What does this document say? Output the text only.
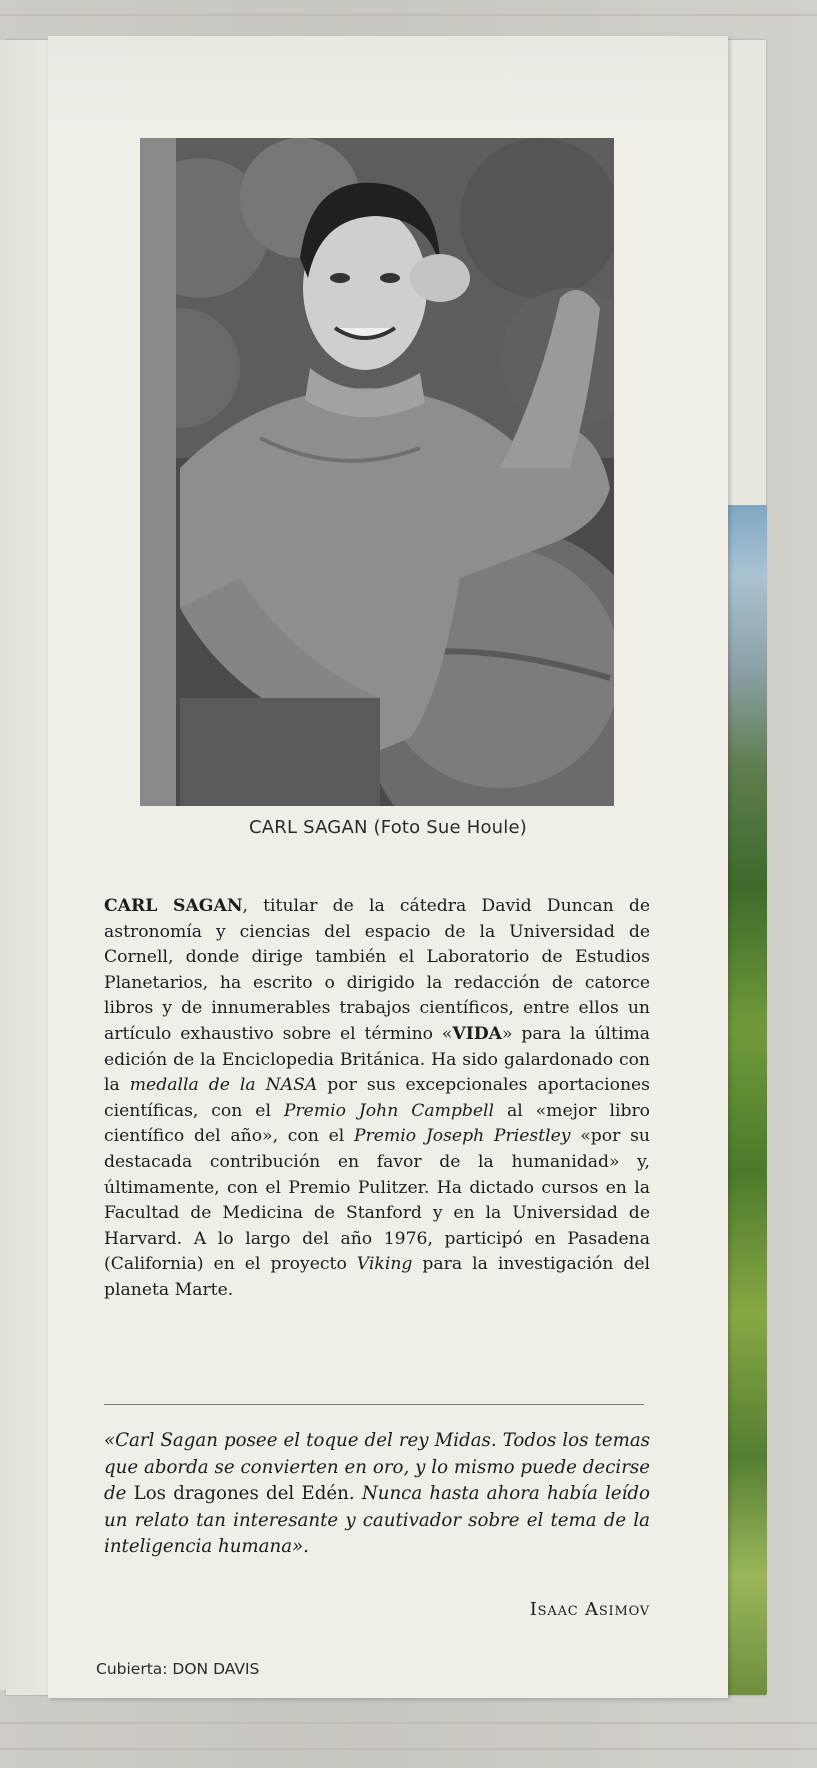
CARL SAGAN (Foto Sue Houle)
CARL SAGAN, titular de la cátedra David Duncan de astronomía y ciencias del espacio de la Universidad de Cornell, donde dirige también el Laboratorio de Estudios Planetarios, ha escrito o dirigido la redacción de catorce libros y de innumerables trabajos científicos, entre ellos un artículo exhaustivo sobre el término «VIDA» para la última edición de la Enciclopedia Británica. Ha sido galardonado con la medalla de la NASA por sus excepcionales aportaciones científicas, con el Premio John Campbell al «mejor libro científico del año», con el Premio Joseph Priestley «por su destacada contribución en favor de la humanidad» y, últimamente, con el Premio Pulitzer. Ha dictado cursos en la Facultad de Medicina de Stanford y en la Universidad de Harvard. A lo largo del año 1976, participó en Pasadena (California) en el proyecto Viking para la investigación del planeta Marte.
«Carl Sagan posee el toque del rey Midas. Todos los temas que aborda se convierten en oro, y lo mismo puede decirse de Los dragones del Edén. Nunca hasta ahora había leído un relato tan interesante y cautivador sobre el tema de la inteligencia humana».
Isaac Asimov
Cubierta: DON DAVIS
